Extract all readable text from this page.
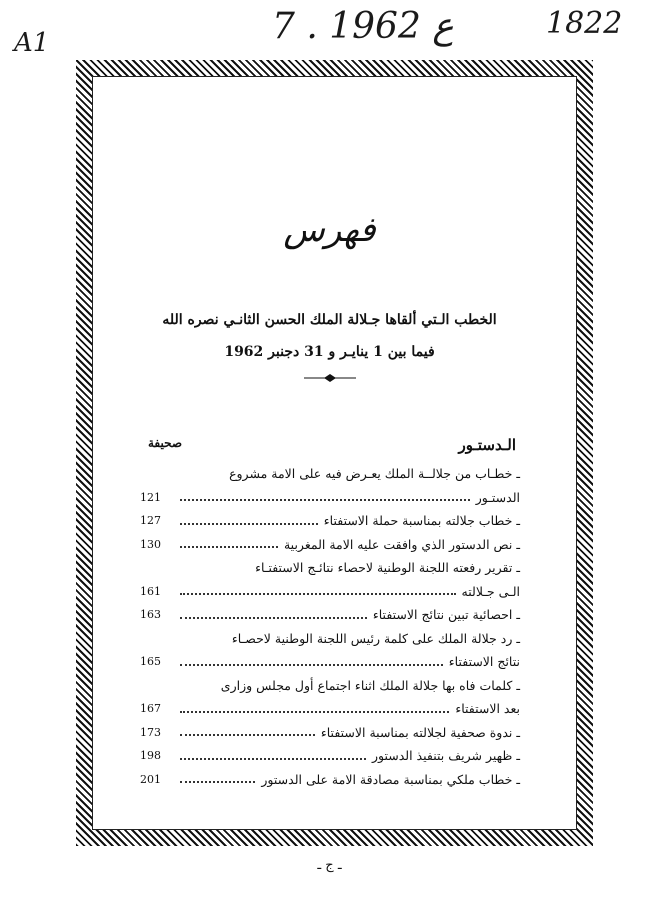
A1	7 . ع 1962	1822
فهرس
الخطب الـتي ألقاها جـلالة الملك الحسن الثانـي نصره الله
فيما بين 1 ينايـر و 31 دجنبر 1962
الـدستـور
صحيفة
ـ خطـاب من جلالــة الملك يعـرض فيه على الامة مشروع
الدستـور
121
ـ خطاب جلالته بمناسبة حملة الاستفتاء
127
ـ نص الدستور الذي وافقت عليه الامة المغربية
130
ـ تقرير رفعته اللجنة الوطنية لاحصاء نتائـج الاستفتـاء
الـى جـلالته
161
ـ احصائية تبين نتائج الاستفتاء
163
ـ رد جلالة الملك على كلمة رئيس اللجنة الوطنية لاحصـاء
نتائج الاستفتاء
165
ـ كلمات فاه بها جلالة الملك اثناء اجتماع أول مجلس وزارى
بعد الاستفتاء
167
ـ ندوة صحفية لجلالته بمناسبة الاستفتاء
173
ـ ظهير شريف بتنفيذ الدستور
198
ـ خطاب ملكي بمناسبة مصادقة الامة على الدستور
201
ـ ج ـ
